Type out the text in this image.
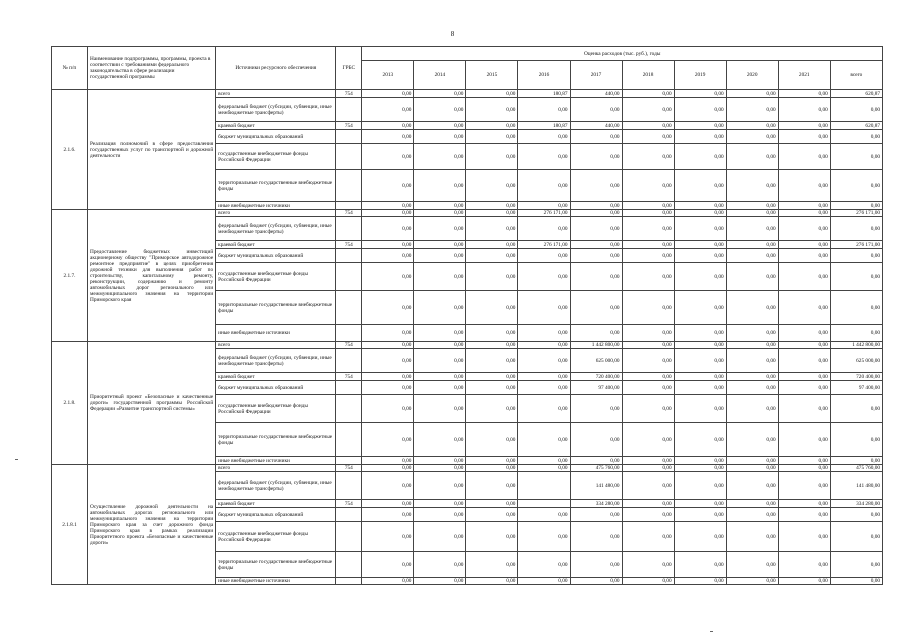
8
№ п/п	Наименование подпрограммы, программы, проекта в соответствии с требованиями федерального законодательства в сфере реализации государственной программы	Источники ресурсного обеспечения	ГРБС	Оценка расходов (тыс. руб.), годы									
				2013	2014	2015	2016	2017	2018	2019	2020	2021	всего
2.1.6.	Реализация полномочий в сфере предоставления государственных услуг по транспортной и дорожной деятельности	всего	754	0,00	0,00	0,00	180,87	440,00	0,00	0,00	0,00	0,00	620,87
		федеральный бюджет (субсидии, субвенции, иные межбюджетные трансферты)		0,00	0,00	0,00	0,00	0,00	0,00	0,00	0,00	0,00	0,00
		краевой бюджет	754	0,00	0,00	0,00	180,87	440,00	0,00	0,00	0,00	0,00	620,87
		бюджет муниципальных образований		0,00	0,00	0,00	0,00	0,00	0,00	0,00	0,00	0,00	0,00
		государственные внебюджетные фонды Российской Федерации		0,00	0,00	0,00	0,00	0,00	0,00	0,00	0,00	0,00	0,00
		территориальные государственные внебюджетные фонды		0,00	0,00	0,00	0,00	0,00	0,00	0,00	0,00	0,00	0,00
		иные внебюджетные источники		0,00	0,00	0,00	0,00	0,00	0,00	0,00	0,00	0,00	0,00
2.1.7.	Предоставление бюджетных инвестиций акционерному обществу "Приморское автодорожное ремонтное предприятие" в целях приобретения дорожной техники для выполнения работ по строительству, капитальному ремонту, реконструкции, содержанию и ремонту автомобильных дорог регионального или межмуниципального значения на территории Приморского края	всего	754	0,00	0,00	0,00	276 171,00	0,00	0,00	0,00	0,00	0,00	276 171,00
		федеральный бюджет (субсидии, субвенции, иные межбюджетные трансферты)		0,00	0,00	0,00	0,00	0,00	0,00	0,00	0,00	0,00	0,00
		краевой бюджет	754	0,00	0,00	0,00	276 171,00	0,00	0,00	0,00	0,00	0,00	276 171,00
		бюджет муниципальных образований		0,00	0,00	0,00	0,00	0,00	0,00	0,00	0,00	0,00	0,00
		государственные внебюджетные фонды Российской Федерации		0,00	0,00	0,00	0,00	0,00	0,00	0,00	0,00	0,00	0,00
		территориальные государственные внебюджетные фонды		0,00	0,00	0,00	0,00	0,00	0,00	0,00	0,00	0,00	0,00
		иные внебюджетные источники		0,00	0,00	0,00	0,00	0,00	0,00	0,00	0,00	0,00	0,00
2.1.8.	Приоритетный проект «Безопасные и качественные дороги» государственной программы Российской Федерации «Развитие транспортной системы»	всего	754	0,00	0,00	0,00	0,00	1 442 800,00	0,00	0,00	0,00	0,00	1 442 800,00
		федеральный бюджет (субсидии, субвенции, иные межбюджетные трансферты)		0,00	0,00	0,00	0,00	625 000,00	0,00	0,00	0,00	0,00	625 000,00
		краевой бюджет	754	0,00	0,00	0,00	0,00	720 400,00	0,00	0,00	0,00	0,00	720 400,00
		бюджет муниципальных образований		0,00	0,00	0,00	0,00	97 400,00	0,00	0,00	0,00	0,00	97 400,00
		государственные внебюджетные фонды Российской Федерации		0,00	0,00	0,00	0,00	0,00	0,00	0,00	0,00	0,00	0,00
		территориальные государственные внебюджетные фонды		0,00	0,00	0,00	0,00	0,00	0,00	0,00	0,00	0,00	0,00
		иные внебюджетные источники		0,00	0,00	0,00	0,00	0,00	0,00	0,00	0,00	0,00	0,00
2.1.8.1	Осуществление дорожной деятельности на автомобильных дорогах регионального или межмуниципального значения на территории Приморского края за счет дорожного фонда Приморского края в рамках реализации Приоритетного проекта «Безопасные и качественные дороги»	всего	754	0,00	0,00	0,00	0,00	475 760,00	0,00	0,00	0,00	0,00	475 760,00
		федеральный бюджет (субсидии, субвенции, иные межбюджетные трансферты)		0,00	0,00	0,00		141 480,00	0,00	0,00	0,00	0,00	141 480,00
		краевой бюджет	754	0,00	0,00	0,00		334 280,00	0,00	0,00	0,00	0,00	334 280,00
		бюджет муниципальных образований		0,00	0,00	0,00	0,00	0,00	0,00	0,00	0,00	0,00	0,00
		государственные внебюджетные фонды Российской Федерации		0,00	0,00	0,00	0,00	0,00	0,00	0,00	0,00	0,00	0,00
		территориальные государственные внебюджетные фонды		0,00	0,00	0,00	0,00	0,00	0,00	0,00	0,00	0,00	0,00
		иные внебюджетные источники		0,00	0,00	0,00	0,00	0,00	0,00	0,00	0,00	0,00	0,00
